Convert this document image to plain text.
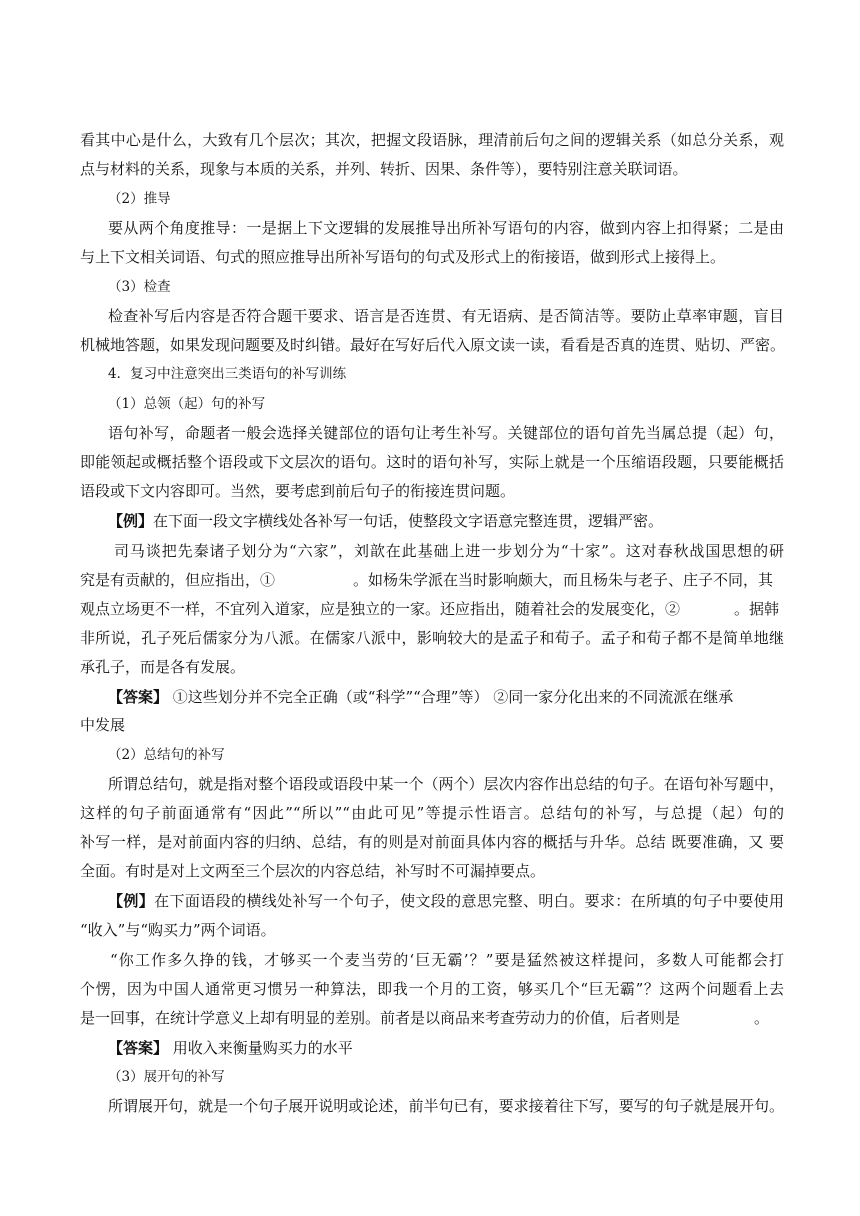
看其中心是什么，大致有几个层次；其次，把握文段语脉，理清前后句之间的逻辑关系（如总分关系，观

点与材料的关系，现象与本质的关系，并列、转折、因果、条件等），要特别注意关联词语。

（2）推导

要从两个角度推导：一是据上下文逻辑的发展推导出所补写语句的内容，做到内容上扣得紧；二是由

与上下文相关词语、句式的照应推导出所补写语句的句式及形式上的衔接语，做到形式上接得上。

（3）检查

检查补写后内容是否符合题干要求、语言是否连贯、有无语病、是否简洁等。要防止草率审题，盲目

机械地答题，如果发现问题要及时纠错。最好在写好后代入原文读一读，看看是否真的连贯、贴切、严密。

4．复习中注意突出三类语句的补写训练

（1）总领（起）句的补写

语句补写，命题者一般会选择关键部位的语句让考生补写。关键部位的语句首先当属总提（起）句，

即能领起或概括整个语段或下文层次的语句。这时的语句补写，实际上就是一个压缩语段题，只要能概括

语段或下文内容即可。当然，要考虑到前后句子的衔接连贯问题。

【例】在下面一段文字横线处各补写一句话，使整段文字语意完整连贯，逻辑严密。

司马谈把先秦诸子划分为“六家”，刘歆在此基础上进一步划分为“十家”。这对春秋战国思想的研

究是有贡献的，但应指出，①	。如杨朱学派在当时影响颇大，而且杨朱与老子、庄子不同，其

观点立场更不一样，不宜列入道家，应是独立的一家。还应指出，随着社会的发展变化，②	。据韩

非所说，孔子死后儒家分为八派。在儒家八派中，影响较大的是孟子和荀子。孟子和荀子都不是简单地继

承孔子，而是各有发展。

【答案】 ①这些划分并不完全正确（或“科学”“合理”等） ②同一家分化出来的不同流派在继承

中发展

（2）总结句的补写

所谓总结句，就是指对整个语段或语段中某一个（两个）层次内容作出总结的句子。在语句补写题中，

这样的句子前面通常有“因此”“所以”“由此可见”等提示性语言。总结句的补写，与总提（起）句的

补写一样，是对前面内容的归纳、总结，有的则是对前面具体内容的概括与升华。总结 既要准确，又 要

全面。有时是对上文两至三个层次的内容总结，补写时不可漏掉要点。

【例】在下面语段的横线处补写一个句子，使文段的意思完整、明白。要求：在所填的句子中要使用

“收入”与“购买力”两个词语。

“你工作多久挣的钱，才够买一个麦当劳的‘巨无霸’？”要是猛然被这样提问，多数人可能都会打

个愣，因为中国人通常更习惯另一种算法，即我一个月的工资，够买几个“巨无霸”？这两个问题看上去

是一回事，在统计学意义上却有明显的差别。前者是以商品来考查劳动力的价值，后者则是	。

【答案】 用收入来衡量购买力的水平

（3）展开句的补写

所谓展开句，就是一个句子展开说明或论述，前半句已有，要求接着往下写，要写的句子就是展开句。
